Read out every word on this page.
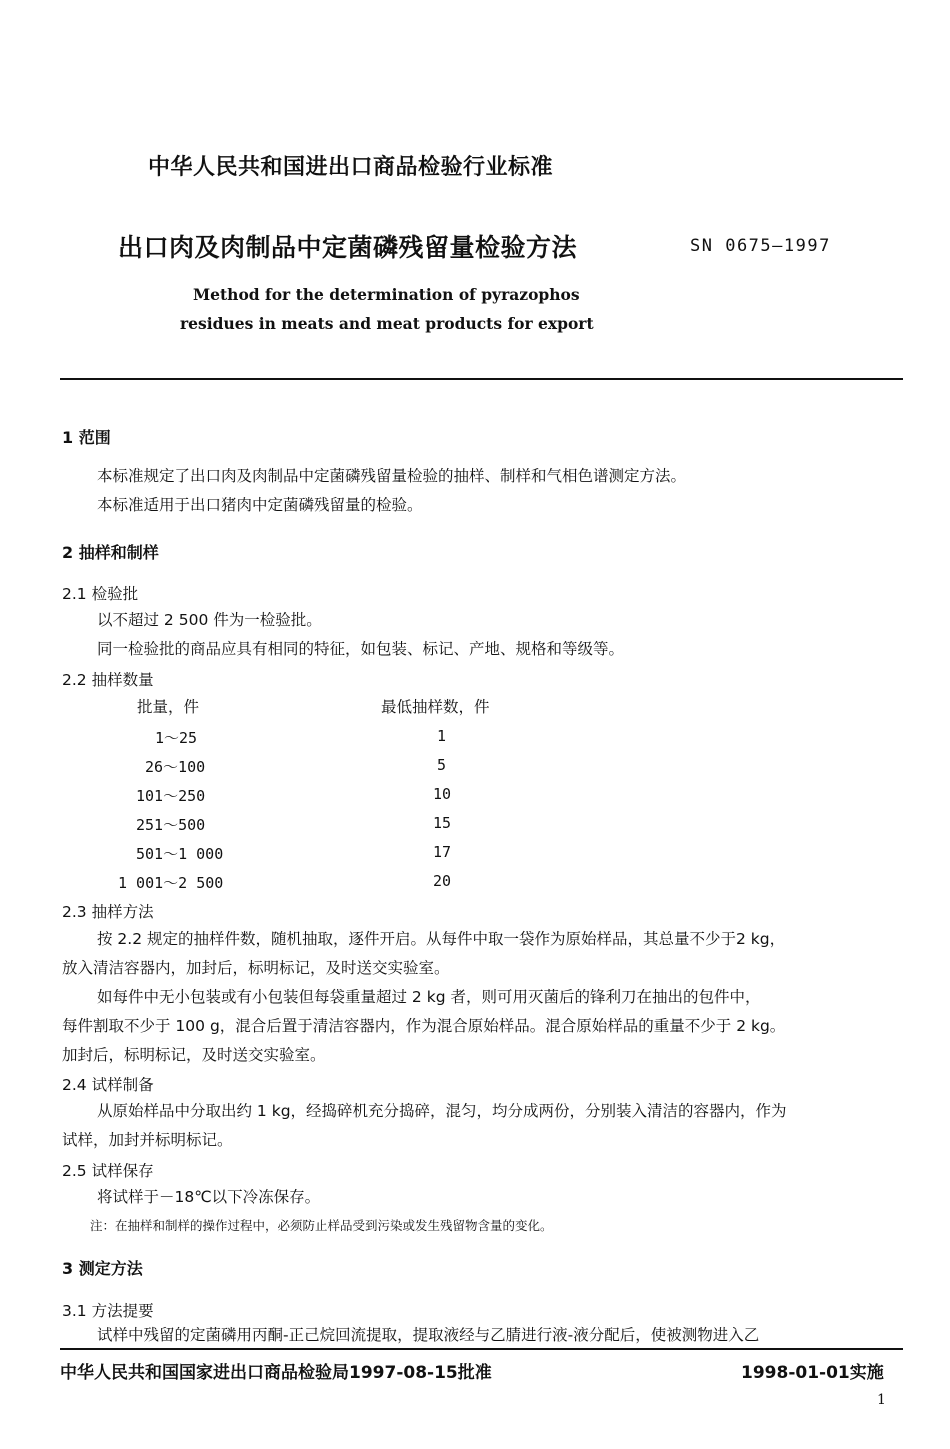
中华人民共和国进出口商品检验行业标准
出口肉及肉制品中定菌磷残留量检验方法	SN 0675—1997
Method for the determination of pyrazophos
residues in meats and meat products for export
1 范围
本标准规定了出口肉及肉制品中定菌磷残留量检验的抽样、制样和气相色谱测定方法。
本标准适用于出口猪肉中定菌磷残留量的检验。
2 抽样和制样
2.1 检验批
以不超过 2 500 件为一检验批。
同一检验批的商品应具有相同的特征，如包装、标记、产地、规格和等级等。
2.2 抽样数量
批量，件	最低抽样数，件
1～25	1
26～100	5
101～250	10
251～500	15
501～1 000	17
1 001～2 500	20
2.3 抽样方法
按 2.2 规定的抽样件数，随机抽取，逐件开启。从每件中取一袋作为原始样品，其总量不少于2 kg，
放入清洁容器内，加封后，标明标记，及时送交实验室。
如每件中无小包装或有小包装但每袋重量超过 2 kg 者，则可用灭菌后的锋利刀在抽出的包件中，
每件割取不少于 100 g，混合后置于清洁容器内，作为混合原始样品。混合原始样品的重量不少于 2 kg。
加封后，标明标记，及时送交实验室。
2.4 试样制备
从原始样品中分取出约 1 kg，经捣碎机充分捣碎，混匀，均分成两份，分别装入清洁的容器内，作为
试样，加封并标明标记。
2.5 试样保存
将试样于－18℃以下冷冻保存。
注：在抽样和制样的操作过程中，必须防止样品受到污染或发生残留物含量的变化。
3 测定方法
3.1 方法提要
试样中残留的定菌磷用丙酮-正己烷回流提取，提取液经与乙腈进行液-液分配后，使被测物进入乙
中华人民共和国国家进出口商品检验局1997-08-15批准	1998-01-01实施
1
